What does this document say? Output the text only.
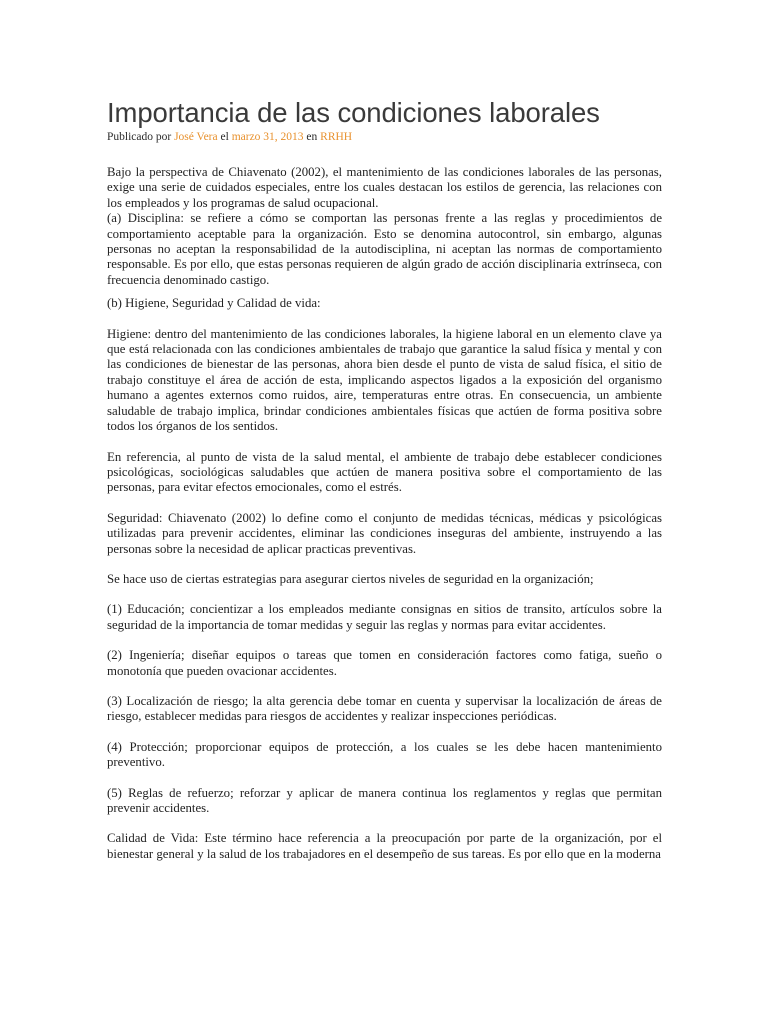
Importancia de las condiciones laborales
Publicado por José Vera el marzo 31, 2013 en RRHH

Bajo la perspectiva de Chiavenato (2002), el mantenimiento de las condiciones laborales de las personas, exige una serie de cuidados especiales, entre los cuales destacan los estilos de gerencia, las relaciones con los empleados y los programas de salud ocupacional.

(a) Disciplina: se refiere a cómo se comportan las personas frente a las reglas y procedimientos de comportamiento aceptable para la organización. Esto se denomina autocontrol, sin embargo, algunas personas no aceptan la responsabilidad de la autodisciplina, ni aceptan las normas de comportamiento responsable. Es por ello, que estas personas requieren de algún grado de acción disciplinaria extrínseca, con frecuencia denominado castigo.

(b) Higiene, Seguridad y Calidad de vida:

Higiene: dentro del mantenimiento de las condiciones laborales, la higiene laboral en un elemento clave ya que está relacionada con las condiciones ambientales de trabajo que garantice la salud física y mental y con las condiciones de bienestar de las personas, ahora bien desde el punto de vista de salud física, el sitio de trabajo constituye el área de acción de esta, implicando aspectos ligados a la exposición del organismo humano a agentes externos como ruidos, aire, temperaturas entre otras. En consecuencia, un ambiente saludable de trabajo implica, brindar condiciones ambientales físicas que actúen de forma positiva sobre todos los órganos de los sentidos.

En referencia, al punto de vista de la salud mental, el ambiente de trabajo debe establecer condiciones psicológicas, sociológicas saludables que actúen de manera positiva sobre el comportamiento de las personas, para evitar efectos emocionales, como el estrés.

Seguridad: Chiavenato (2002) lo define como el conjunto de medidas técnicas, médicas y psicológicas utilizadas para prevenir accidentes, eliminar las condiciones inseguras del ambiente, instruyendo a las personas sobre la necesidad de aplicar practicas preventivas.

Se hace uso de ciertas estrategias para asegurar ciertos niveles de seguridad en la organización;

(1) Educación; concientizar a los empleados mediante consignas en sitios de transito, artículos sobre la seguridad de la importancia de tomar medidas y seguir las reglas y normas para evitar accidentes.

(2) Ingeniería; diseñar equipos o tareas que tomen en consideración factores como fatiga, sueño o monotonía que pueden ovacionar accidentes.

(3) Localización de riesgo; la alta gerencia debe tomar en cuenta y supervisar la localización de áreas de riesgo, establecer medidas para riesgos de accidentes y realizar inspecciones periódicas.

(4) Protección; proporcionar equipos de protección, a los cuales se les debe hacen mantenimiento preventivo.

(5) Reglas de refuerzo; reforzar y aplicar de manera continua los reglamentos y reglas que permitan prevenir accidentes.

Calidad de Vida: Este término hace referencia a la preocupación por parte de la organización, por el bienestar general y la salud de los trabajadores en el desempeño de sus tareas. Es por ello que en la moderna
